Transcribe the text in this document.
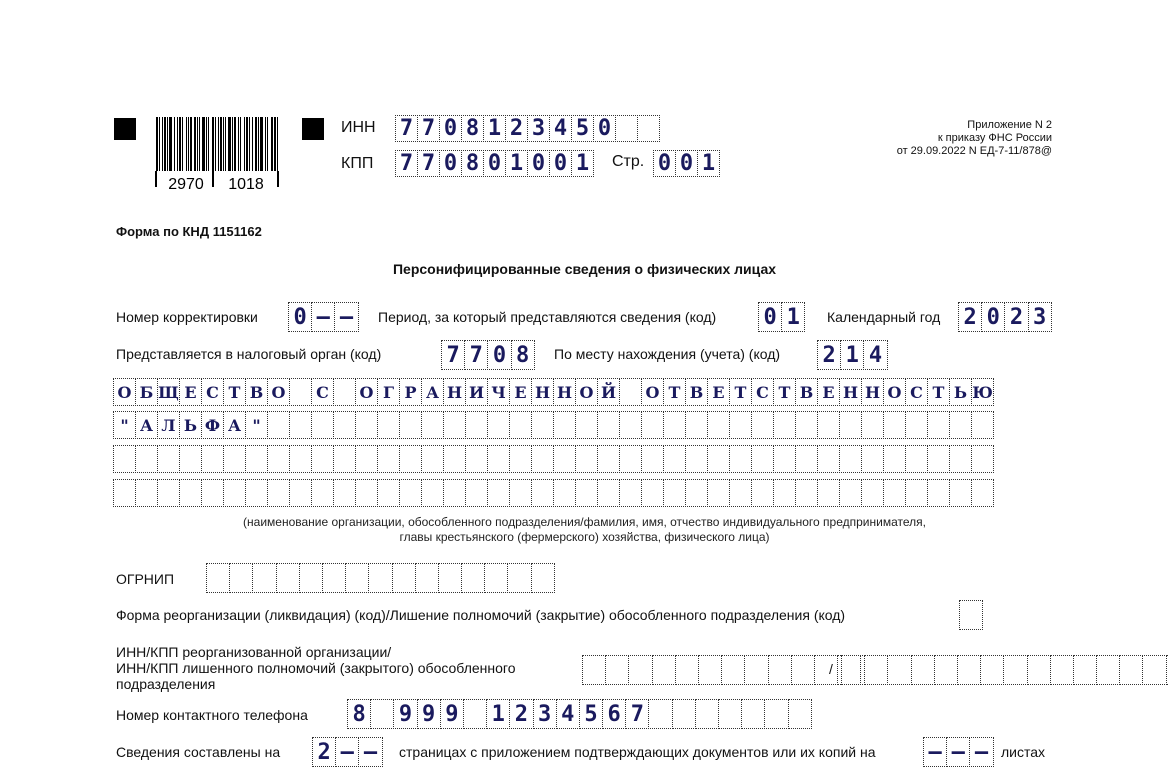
2970 1018
ИНН 7 7 0 8 1 2 3 4 5 0
КПП 7 7 0 8 0 1 0 0 1	Стр. 0 0 1
Приложение N 2
к приказу ФНС России
от 29.09.2022 N ЕД-7-11/878@
Форма по КНД 1151162
Персонифицированные сведения о физических лицах
Номер корректировки 0 – –	Период, за который представляются сведения (код) 0 1	Календарный год 2 0 2 3
Представляется в налоговый орган (код)	7 7 0 8	По месту нахождения (учета) (код) 2 1 4
О Б Щ Е С Т В О	С	О Г Р А Н И Ч Е Н Н О Й О Т В Е Т С Т В Е Н Н О С Т Ь Ю
" А Л Ь Ф А "
(наименование организации, обособленного подразделения/фамилия, имя, отчество индивидуального предпринимателя,
главы крестьянского (фермерского) хозяйства, физического лица)
ОГРНИП
Форма реорганизации (ликвидация) (код)/Лишение полномочий (закрытие) обособленного подразделения (код)
ИНН/КПП реорганизованной организации/
ИНН/КПП лишенного полномочий (закрытого) обособленного
подразделения
/
Номер контактного телефона 8 9 9 9 1 2 3 4 5 6 7
Сведения составлены на 2 – –	страницах с приложением подтверждающих документов или их копий на – – – листах
